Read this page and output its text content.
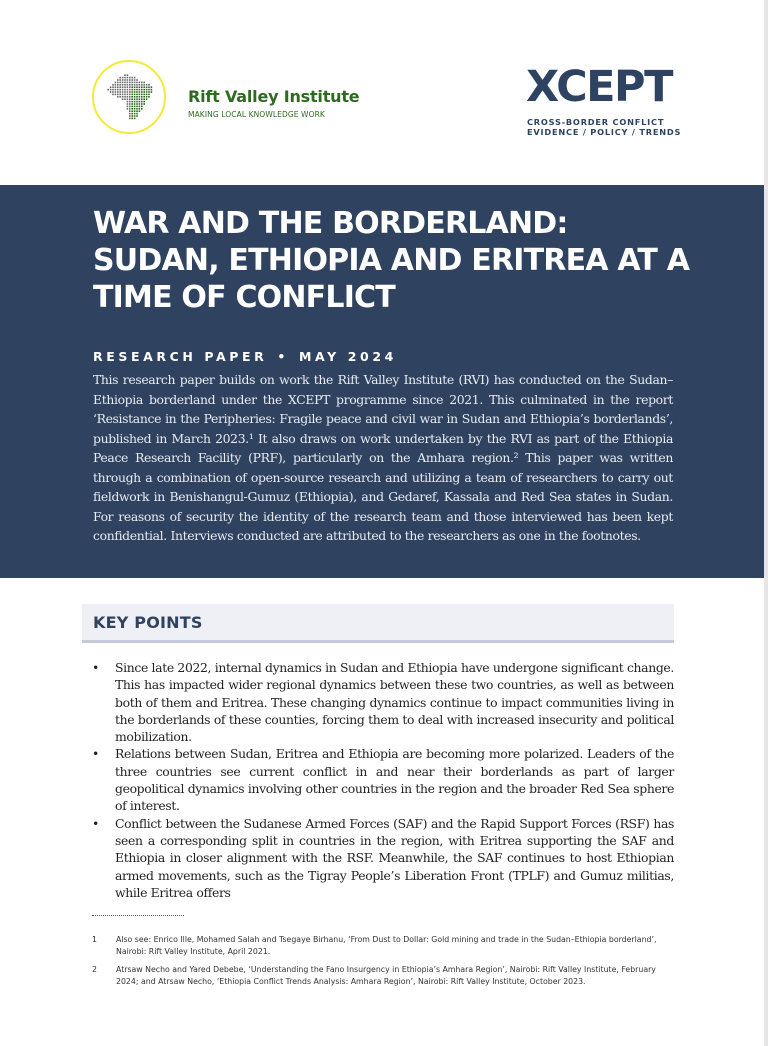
Rift Valley Institute
MAKING LOCAL KNOWLEDGE WORK
XCEPT
CROSS-BORDER CONFLICT
EVIDENCE / POLICY / TRENDS
WAR AND THE BORDERLAND:
SUDAN, ETHIOPIA AND ERITREA AT A
TIME OF CONFLICT
RESEARCH PAPER • MAY 2024

This research paper builds on work the Rift Valley Institute (RVI) has conducted on the Sudan–Ethiopia borderland under the XCEPT programme since 2021. This culminated in the report ‘Resistance in the Peripheries: Fragile peace and civil war in Sudan and Ethiopia’s borderlands’, published in March 2023.¹ It also draws on work undertaken by the RVI as part of the Ethiopia Peace Research Facility (PRF), particularly on the Amhara region.² This paper was written through a combination of open-source research and utilizing a team of researchers to carry out fieldwork in Benishangul-Gumuz (Ethiopia), and Gedaref, Kassala and Red Sea states in Sudan. For reasons of security the identity of the research team and those interviewed has been kept confidential. Interviews conducted are attributed to the researchers as one in the footnotes.

KEY POINTS
• Since late 2022, internal dynamics in Sudan and Ethiopia have undergone significant change. This has impacted wider regional dynamics between these two countries, as well as between both of them and Eritrea. These changing dynamics continue to impact communities living in the borderlands of these counties, forcing them to deal with increased insecurity and political mobilization.
• Relations between Sudan, Eritrea and Ethiopia are becoming more polarized. Leaders of the three countries see current conflict in and near their borderlands as part of larger geopolitical dynamics involving other countries in the region and the broader Red Sea sphere of interest.
• Conflict between the Sudanese Armed Forces (SAF) and the Rapid Support Forces (RSF) has seen a corresponding split in countries in the region, with Eritrea supporting the SAF and Ethiopia in closer alignment with the RSF. Meanwhile, the SAF continues to host Ethiopian armed movements, such as the Tigray People’s Liberation Front (TPLF) and Gumuz militias, while Eritrea offers
1 Also see: Enrico Ille, Mohamed Salah and Tsegaye Birhanu, ‘From Dust to Dollar: Gold mining and trade in the Sudan–Ethiopia borderland’, Nairobi: Rift Valley Institute, April 2021.
2 Atrsaw Necho and Yared Debebe, ‘Understanding the Fano Insurgency in Ethiopia’s Amhara Region’, Nairobi: Rift Valley Institute, February 2024; and Atrsaw Necho, ‘Ethiopia Conflict Trends Analysis: Amhara Region’, Nairobi: Rift Valley Institute, October 2023.
